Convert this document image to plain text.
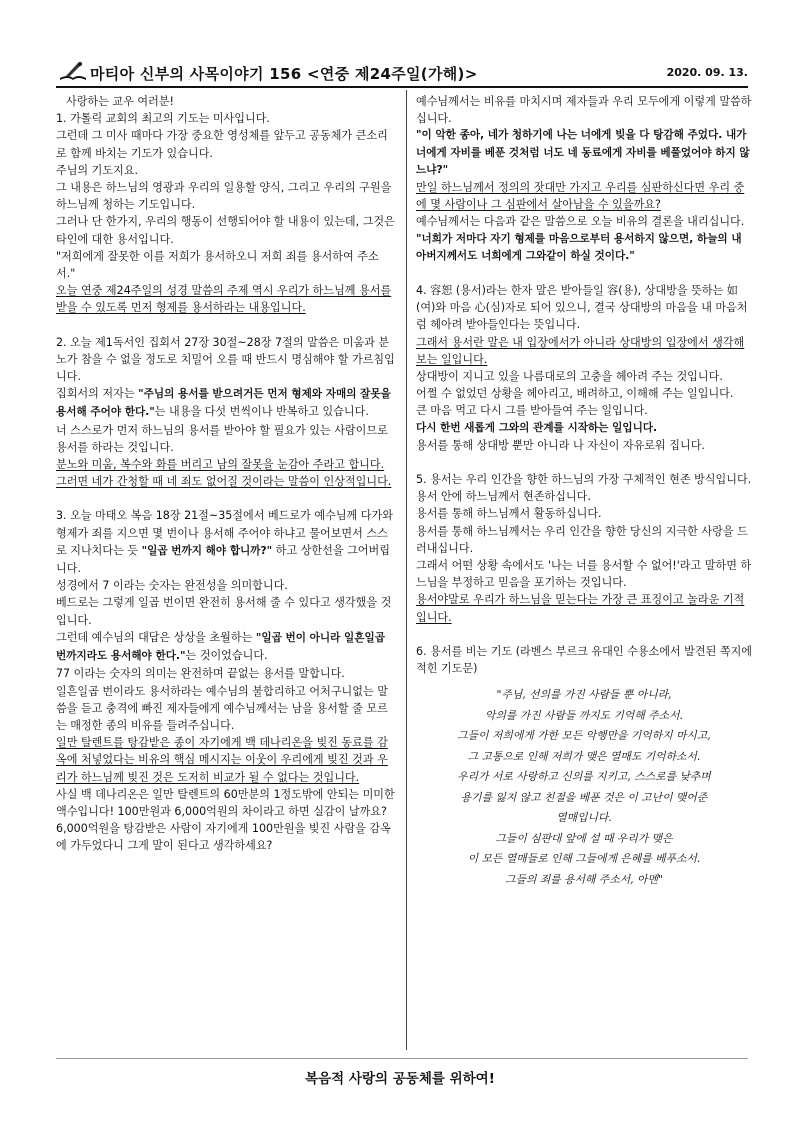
마티아 신부의 사목이야기 156 <연중 제24주일(가해)>	2020. 09. 13.

사랑하는 교우 여러분!

1. 가톨릭 교회의 최고의 기도는 미사입니다.

그런데 그 미사 때마다 가장 중요한 영성체를 앞두고 공동체가 큰소리로 함께 바치는 기도가 있습니다.

주님의 기도지요.

그 내용은 하느님의 영광과 우리의 일용할 양식, 그리고 우리의 구원을 하느님께 청하는 기도입니다.

그러나 단 한가지, 우리의 행동이 선행되어야 할 내용이 있는데, 그것은 타인에 대한 용서입니다.

"저희에게 잘못한 이를 저희가 용서하오니 저희 죄를 용서하여 주소서."

오늘 연중 제24주일의 성경 말씀의 주제 역시 우리가 하느님께 용서를 받을 수 있도록 먼저 형제를 용서하라는 내용입니다.

2. 오늘 제1독서인 집회서 27장 30절~28장 7절의 말씀은 미움과 분노가 참을 수 없을 정도로 치밀어 오를 때 반드시 명심해야 할 가르침입니다.

집회서의 저자는 "주님의 용서를 받으려거든 먼저 형제와 자매의 잘못을 용서해 주어야 한다."는 내용을 다섯 번씩이나 반복하고 있습니다.

너 스스로가 먼저 하느님의 용서를 받아야 할 필요가 있는 사람이므로 용서를 하라는 것입니다.

분노와 미움, 복수와 화를 버리고 남의 잘못을 눈감아 주라고 합니다. 그러면 네가 간청할 때 네 죄도 없어질 것이라는 말씀이 인상적입니다.

3. 오늘 마태오 복음 18장 21절~35절에서 베드로가 예수님께 다가와 형제가 죄를 지으면 몇 번이나 용서해 주어야 하냐고 물어보면서 스스로 지나치다는 듯 "일곱 번까지 해야 합니까?" 하고 상한선을 그어버립니다.

성경에서 7 이라는 숫자는 완전성을 의미합니다.

베드로는 그렇게 일곱 번이면 완전히 용서해 줄 수 있다고 생각했을 것입니다.

그런데 예수님의 대답은 상상을 초월하는 "일곱 번이 아니라 일흔일곱 번까지라도 용서해야 한다."는 것이었습니다.

77 이라는 숫자의 의미는 완전하며 끝없는 용서를 말합니다.

일흔일곱 번이라도 용서하라는 예수님의 불합리하고 어처구니없는 말씀을 듣고 충격에 빠진 제자들에게 예수님께서는 남을 용서할 줄 모르는 매정한 종의 비유를 들려주십니다.

일만 탈렌트를 탕감받은 종이 자기에게 백 데나리온을 빚진 동료를 감옥에 처넣었다는 비유의 핵심 메시지는 이웃이 우리에게 빚진 것과 우리가 하느님께 빚진 것은 도저히 비교가 될 수 없다는 것입니다.

사실 백 데나리온은 일만 탈렌트의 60만분의 1정도밖에 안되는 미미한 액수입니다! 100만원과 6,000억원의 차이라고 하면 실감이 날까요?

6,000억원을 탕감받은 사람이 자기에게 100만원을 빚진 사람을 감옥에 가두었다니 그게 말이 된다고 생각하세요?

예수님께서는 비유를 마치시며 제자들과 우리 모두에게 이렇게 말씀하십니다.

"이 악한 종아, 네가 청하기에 나는 너에게 빚을 다 탕감해 주었다. 내가 너에게 자비를 베푼 것처럼 너도 네 동료에게 자비를 베풀었어야 하지 않느냐?"

만일 하느님께서 정의의 잣대만 가지고 우리를 심판하신다면 우리 중에 몇 사람이나 그 심판에서 살아남을 수 있을까요?

예수님께서는 다음과 같은 말씀으로 오늘 비유의 결론을 내리십니다.

"너희가 저마다 자기 형제를 마음으로부터 용서하지 않으면, 하늘의 내 아버지께서도 너희에게 그와같이 하실 것이다."

4. 容恕 (용서)라는 한자 말은 받아들일 容(용), 상대방을 뜻하는 如(여)와 마음 心(심)자로 되어 있으니, 결국 상대방의 마음을 내 마음처럼 헤아려 받아들인다는 뜻입니다.

그래서 용서란 말은 내 입장에서가 아니라 상대방의 입장에서 생각해 보는 일입니다.

상대방이 지니고 있을 나름대로의 고충을 헤아려 주는 것입니다.

어쩔 수 없었던 상황을 헤아리고, 배려하고, 이해해 주는 일입니다.

큰 마음 먹고 다시 그를 받아들여 주는 일입니다.

다시 한번 새롭게 그와의 관계를 시작하는 일입니다.

용서를 통해 상대방 뿐만 아니라 나 자신이 자유로워 집니다.

5. 용서는 우리 인간을 향한 하느님의 가장 구체적인 현존 방식입니다.

용서 안에 하느님께서 현존하십니다.

용서를 통해 하느님께서 활동하십니다.

용서를 통해 하느님께서는 우리 인간을 향한 당신의 지극한 사랑을 드러내십니다.

그래서 어떤 상황 속에서도 '나는 너를 용서할 수 없어!'라고 말하면 하느님을 부정하고 믿음을 포기하는 것입니다.

용서야말로 우리가 하느님을 믿는다는 가장 큰 표징이고 놀라운 기적입니다.

6. 용서를 비는 기도 (라벤스 부르크 유대인 수용소에서 발견된 쪽지에 적힌 기도문)

"주님, 선의를 가진 사람들 뿐 아니라,
악의를 가진 사람들 까지도 기억해 주소서.
그들이 저희에게 가한 모든 악행만을 기억하지 마시고,
그 고통으로 인해 저희가 맺은 열매도 기억하소서.
우리가 서로 사랑하고 신의를 지키고, 스스로를 낮추며
용기를 잃지 않고 친절을 베푼 것은 이 고난이 맺어준
열매입니다.
그들이 심판대 앞에 설 때 우리가 맺은
이 모든 열매들로 인해 그들에게 은혜를 베푸소서.
그들의 죄를 용서해 주소서, 아멘"
복음적 사랑의 공동체를 위하여!
